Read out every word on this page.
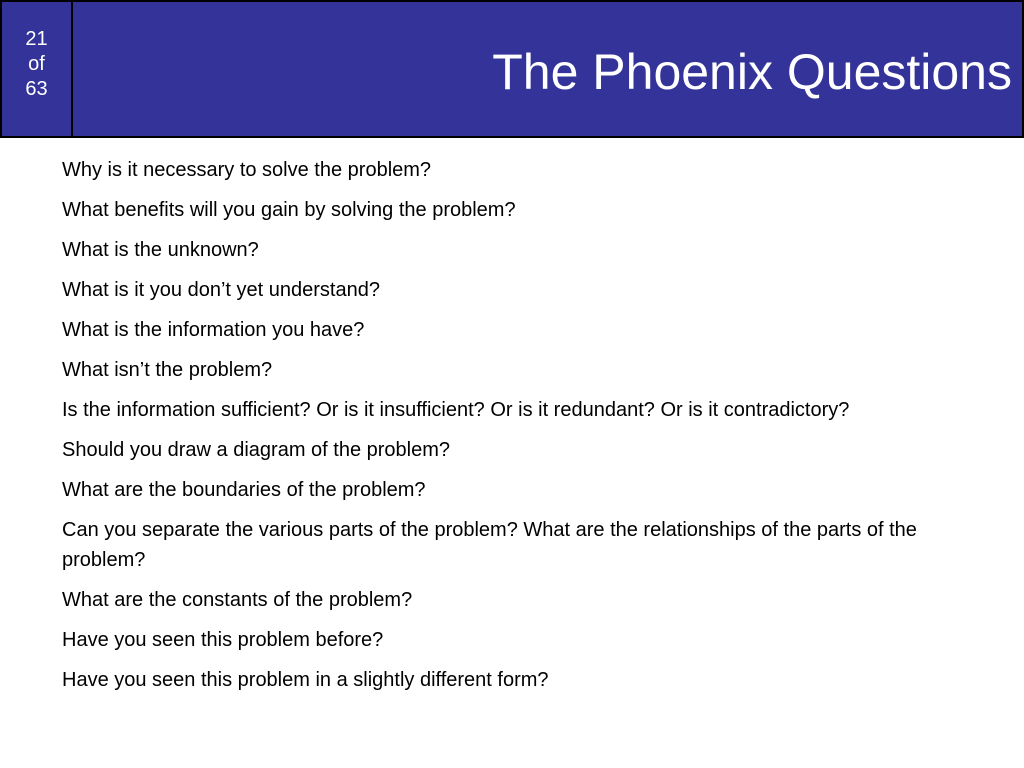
21
of
63	The Phoenix Questions
Why is it necessary to solve the problem?
What benefits will you gain by solving the problem?
What is the unknown?
What is it you don’t yet understand?
What is the information you have?
What isn’t the problem?
Is the information sufficient? Or is it insufficient? Or is it redundant? Or is it contradictory?
Should you draw a diagram of the problem?
What are the boundaries of the problem?
Can you separate the various parts of the problem? What are the relationships of the parts of the problem?
What are the constants of the problem?
Have you seen this problem before?
Have you seen this problem in a slightly different form?
